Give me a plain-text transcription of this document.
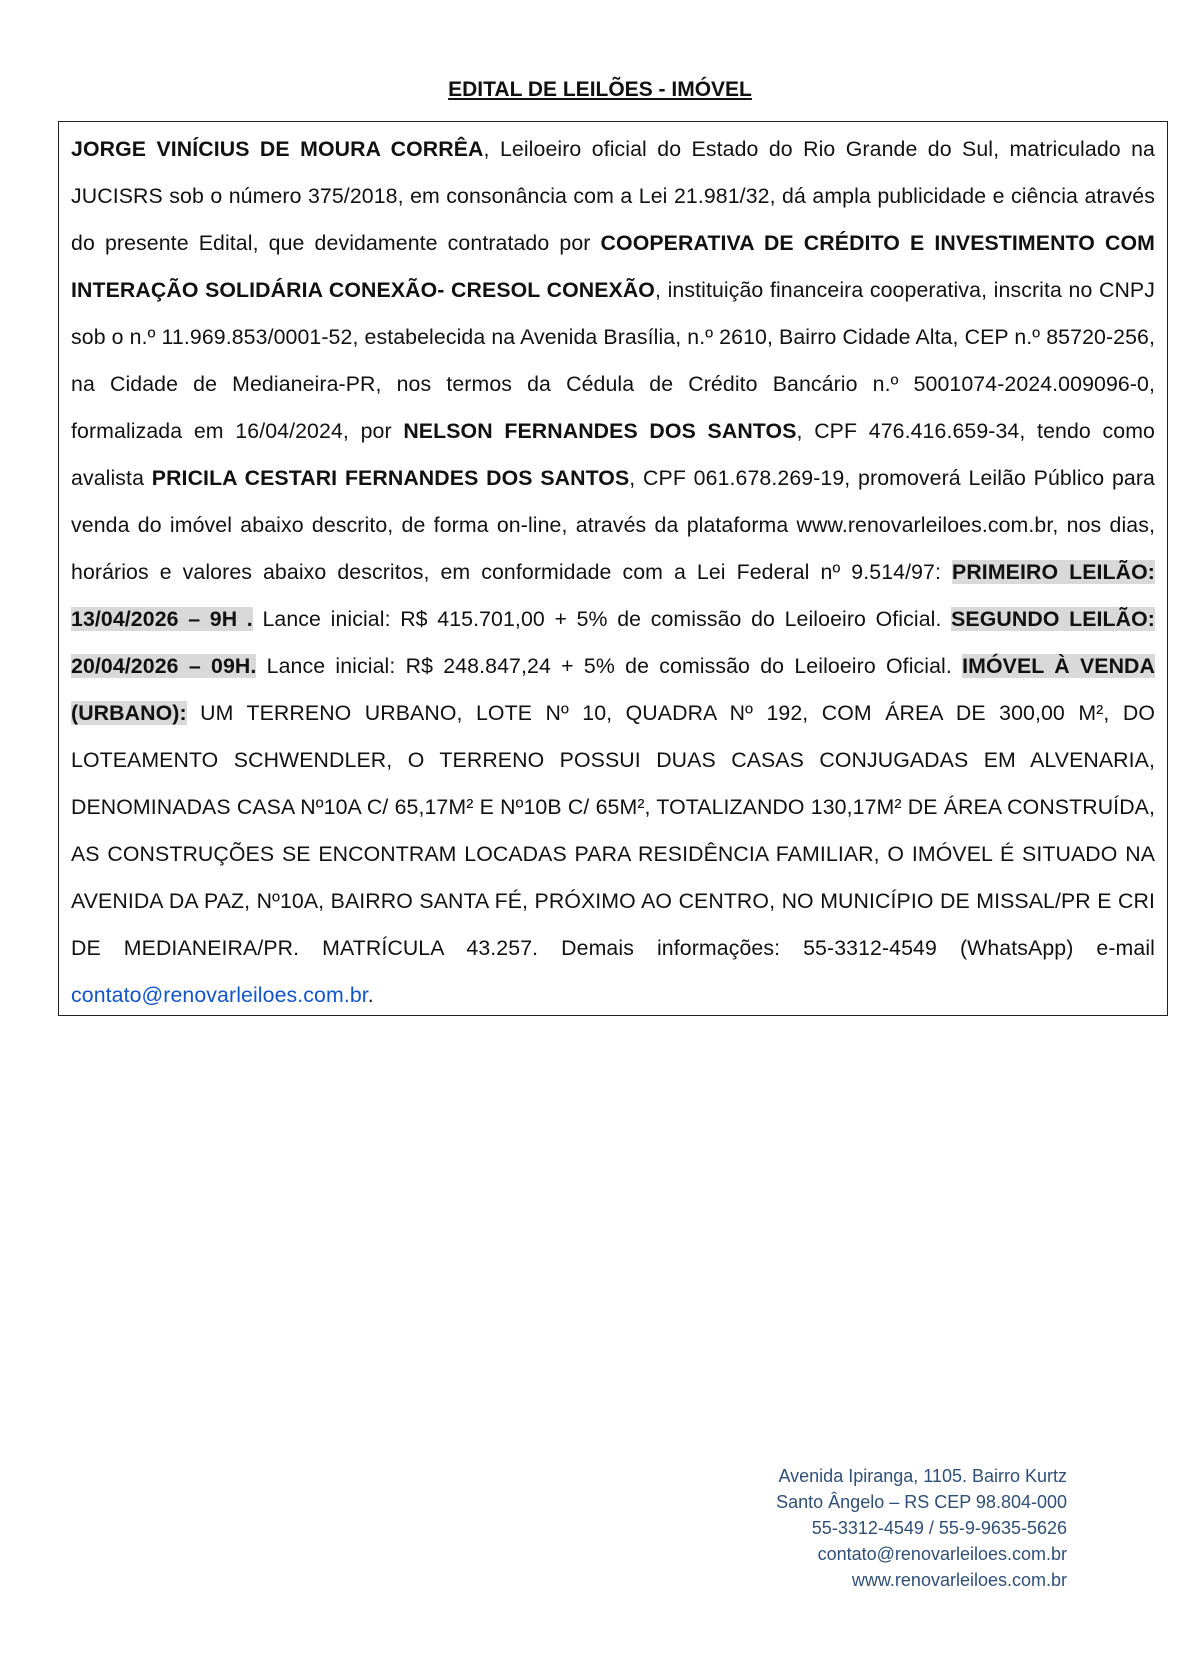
EDITAL DE LEILÕES - IMÓVEL

JORGE VINÍCIUS DE MOURA CORRÊA, Leiloeiro oficial do Estado do Rio Grande do Sul, matriculado na JUCISRS sob o número 375/2018, em consonância com a Lei 21.981/32, dá ampla publicidade e ciência através do presente Edital, que devidamente contratado por COOPERATIVA DE CRÉDITO E INVESTIMENTO COM INTERAÇÃO SOLIDÁRIA CONEXÃO- CRESOL CONEXÃO, instituição financeira cooperativa, inscrita no CNPJ sob o n.º 11.969.853/0001-52, estabelecida na Avenida Brasília, n.º 2610, Bairro Cidade Alta, CEP n.º 85720-256, na Cidade de Medianeira-PR, nos termos da Cédula de Crédito Bancário n.º 5001074-2024.009096-0, formalizada em 16/04/2024, por NELSON FERNANDES DOS SANTOS, CPF 476.416.659-34, tendo como avalista PRICILA CESTARI FERNANDES DOS SANTOS, CPF 061.678.269-19, promoverá Leilão Público para venda do imóvel abaixo descrito, de forma on-line, através da plataforma www.renovarleiloes.com.br, nos dias, horários e valores abaixo descritos, em conformidade com a Lei Federal nº 9.514/97: PRIMEIRO LEILÃO: 13/04/2026 – 9H . Lance inicial: R$ 415.701,00 + 5% de comissão do Leiloeiro Oficial. SEGUNDO LEILÃO: 20/04/2026 – 09H. Lance inicial: R$ 248.847,24 + 5% de comissão do Leiloeiro Oficial. IMÓVEL À VENDA (URBANO): UM TERRENO URBANO, LOTE Nº 10, QUADRA Nº 192, COM ÁREA DE 300,00 M², DO LOTEAMENTO SCHWENDLER, O TERRENO POSSUI DUAS CASAS CONJUGADAS EM ALVENARIA, DENOMINADAS CASA Nº10A C/ 65,17M² E Nº10B C/ 65M², TOTALIZANDO 130,17M² DE ÁREA CONSTRUÍDA, AS CONSTRUÇÕES SE ENCONTRAM LOCADAS PARA RESIDÊNCIA FAMILIAR, O IMÓVEL É SITUADO NA AVENIDA DA PAZ, Nº10A, BAIRRO SANTA FÉ, PRÓXIMO AO CENTRO, NO MUNICÍPIO DE MISSAL/PR E CRI DE MEDIANEIRA/PR. MATRÍCULA 43.257. Demais informações: 55-3312-4549 (WhatsApp) e-mail contato@renovarleiloes.com.br.

Avenida Ipiranga, 1105. Bairro Kurtz
Santo Ângelo – RS CEP 98.804-000
55-3312-4549 / 55-9-9635-5626
contato@renovarleiloes.com.br
www.renovarleiloes.com.br
